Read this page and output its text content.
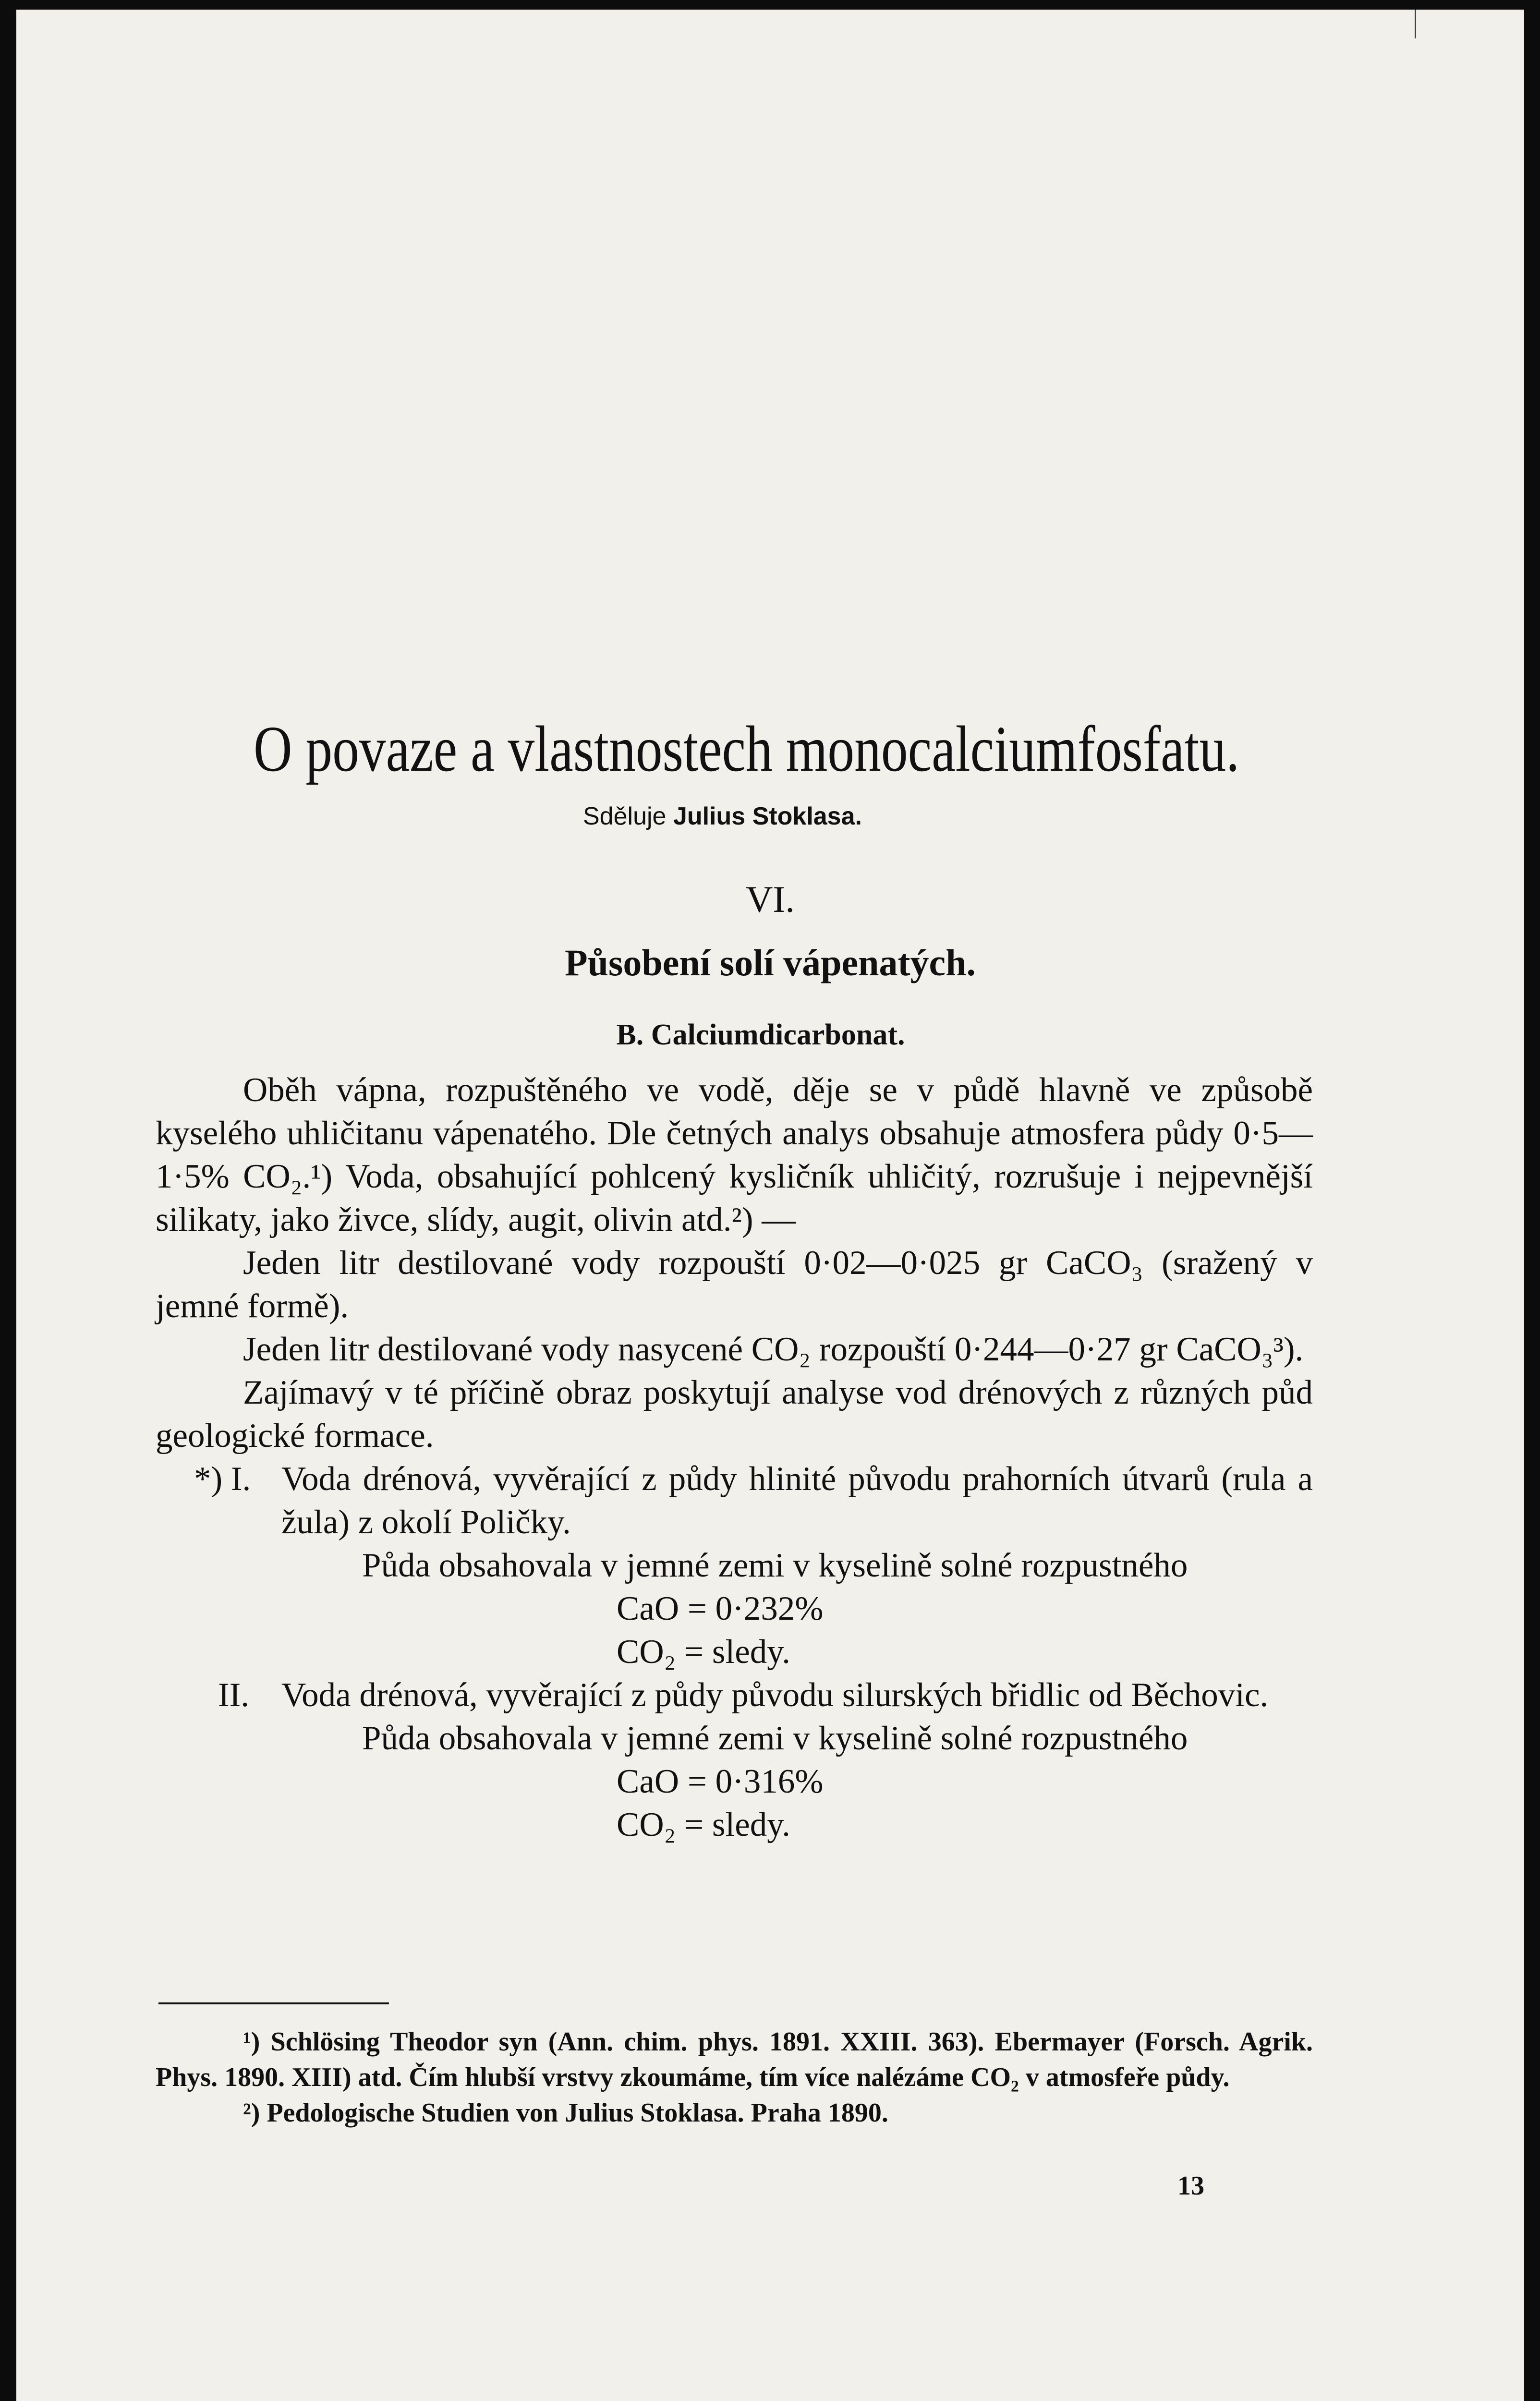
O povaze a vlastnostech monocalciumfosfatu.
Sdělu​je Julius Stoklasa.
VI.
Působení solí vápenatých.
B. Calciumdicarbonat.

Oběh vápna, rozpuštěného ve vodě, děje se v půdě hlavně ve způsobě kyselého uhličitanu vápenatého. Dle četných analys obsahuje atmosfera půdy 0·5—1·5% CO₂.¹) Voda, obsahující pohlcený kysličník uhličitý, rozrušuje i nejpevnější silikaty, jako živce, slídy, augit, olivin atd.²) —

Jeden litr destilované vody rozpouští 0·02—0·025 gr CaCO₃ (sražený v jemné formě).

Jeden litr destilované vody nasycené CO₂ rozpouští 0·244—0·27 gr CaCO₃³).

Zajímavý v té příčině obraz poskytují analyse vod drénových z různých půd geologické formace.

*) I. Voda drénová, vyvěrající z půdy hlinité původu prahorních útvarů (rula a žula) z okolí Poličky.
Půda obsahovala v jemné zemi v kyselině solné rozpustného
CaO = 0·232%
CO₂ = sledy.
II. Voda drénová, vyvěrající z půdy původu silurských břidlic od Běchovic.
Půda obsahovala v jemné zemi v kyselině solné rozpustného
CaO = 0·316%
CO₂ = sledy.

¹) Schlösing Theodor syn (Ann. chim. phys. 1891. XXIII. 363). Ebermayer (Forsch. Agrik. Phys. 1890. XIII) atd. Čím hlubší vrstvy zkoumáme, tím více nalézáme CO₂ v atmosfeře půdy.

²) Pedologische Studien von Julius Stoklasa. Praha 1890.

13
